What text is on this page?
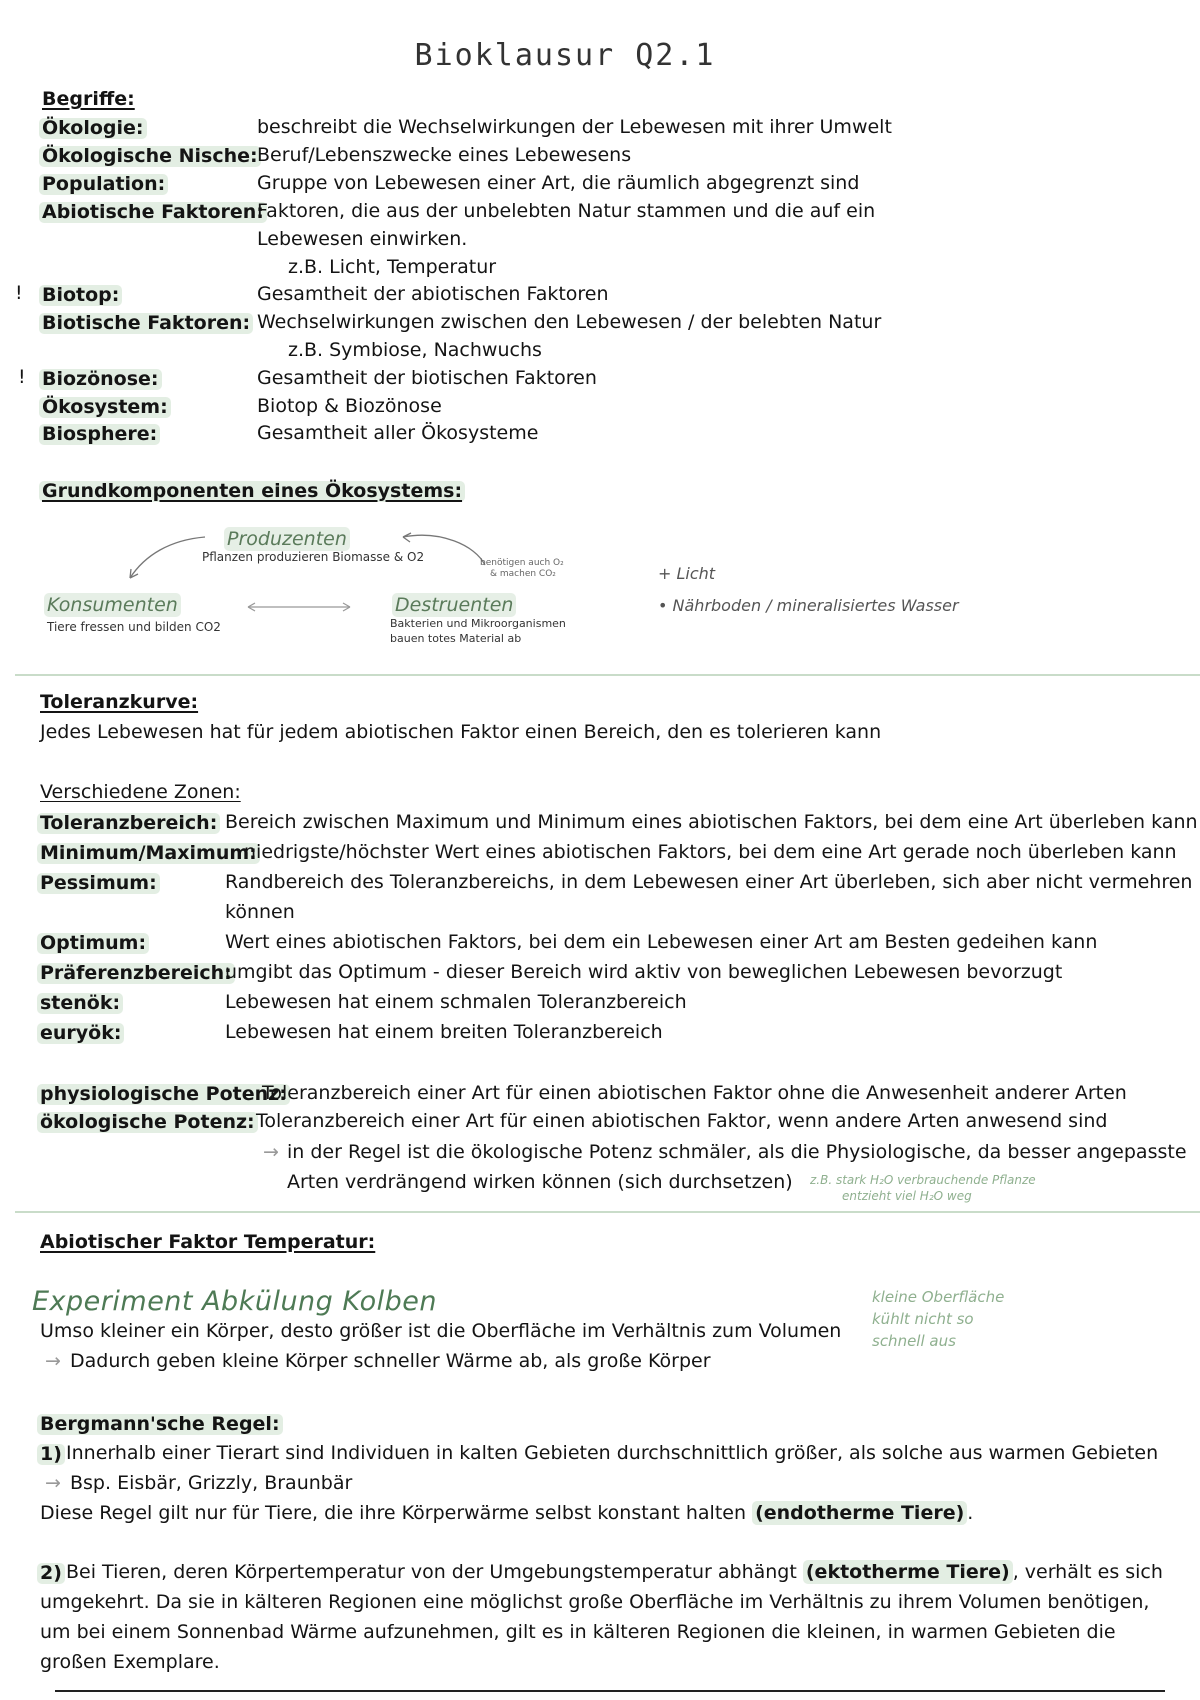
Bioklausur Q2.1
Begriffe:
!
!
Ökologie:	beschreibt die Wechselwirkungen der Lebewesen mit ihrer Umwelt
Ökologische Nische: Beruf/Lebenszwecke eines Lebewesens
Population:	Gruppe von Lebewesen einer Art, die räumlich abgegrenzt sind
Abiotische Faktoren:
Faktoren, die aus der unbelebten Natur stammen und die auf ein
Lebewesen einwirken.
z.B. Licht, Temperatur
Biotop:	Gesamtheit der abiotischen Faktoren
Biotische Faktoren: Wechselwirkungen zwischen den Lebewesen / der belebten Natur
z.B. Symbiose, Nachwuchs
Biozönose:	Gesamtheit der biotischen Faktoren
Ökosystem:	Biotop & Biozönose
Biosphere:	Gesamtheit aller Ökosysteme
Grundkomponenten eines Ökosystems:
Produzenten
Pflanzen produzieren Biomasse & O2	benötigen auch O₂
& machen CO₂
Konsumenten
Tiere fressen und bilden CO2
Destruenten
Bakterien und Mikroorganismen
bauen totes Material ab
+ Licht
• Nährboden / mineralisiertes Wasser
Toleranzkurve:
Jedes Lebewesen hat für jedem abiotischen Faktor einen Bereich, den es tolerieren kann
Verschiedene Zonen:
Toleranzbereich: Bereich zwischen Maximum und Minimum eines abiotischen Faktors, bei dem eine Art überleben kann
Minimum/Maximum:
niedrigste/höchster Wert eines abiotischen Faktors, bei dem eine Art gerade noch überleben kann
Pessimum:	Randbereich des Toleranzbereichs, in dem Lebewesen einer Art überleben, sich aber nicht vermehren
können
Optimum:	Wert eines abiotischen Faktors, bei dem ein Lebewesen einer Art am Besten gedeihen kann
Präferenzbereich:
umgibt das Optimum - dieser Bereich wird aktiv von beweglichen Lebewesen bevorzugt
stenök:	Lebewesen hat einem schmalen Toleranzbereich
euryök:	Lebewesen hat einem breiten Toleranzbereich
physiologische Potenz:
Toleranzbereich einer Art für einen abiotischen Faktor ohne die Anwesenheit anderer Arten
ökologische Potenz: Toleranzbereich einer Art für einen abiotischen Faktor, wenn andere Arten anwesend sind
→ in der Regel ist die ökologische Potenz schmäler, als die Physiologische, da besser angepasste
Arten verdrängend wirken können (sich durchsetzen) z.B. stark H₂O verbrauchende Pflanze
entzieht viel H₂O weg
Abiotischer Faktor Temperatur:
Experiment Abkülung Kolben
Umso kleiner ein Körper, desto größer ist die Oberfläche im Verhältnis zum Volumen
→ Dadurch geben kleine Körper schneller Wärme ab, als große Körper
kleine Oberfläche
kühlt nicht so
schnell aus
Bergmann'sche Regel:
1) Innerhalb einer Tierart sind Individuen in kalten Gebieten durchschnittlich größer, als solche aus warmen Gebieten
→ Bsp. Eisbär, Grizzly, Braunbär
Diese Regel gilt nur für Tiere, die ihre Körperwärme selbst konstant halten (endotherme Tiere) .
2) Bei Tieren, deren Körpertemperatur von der Umgebungstemperatur abhängt (ektotherme Tiere) , verhält es sich
umgekehrt. Da sie in kälteren Regionen eine möglichst große Oberfläche im Verhältnis zu ihrem Volumen benötigen,
um bei einem Sonnenbad Wärme aufzunehmen, gilt es in kälteren Regionen die kleinen, in warmen Gebieten die
großen Exemplare.
